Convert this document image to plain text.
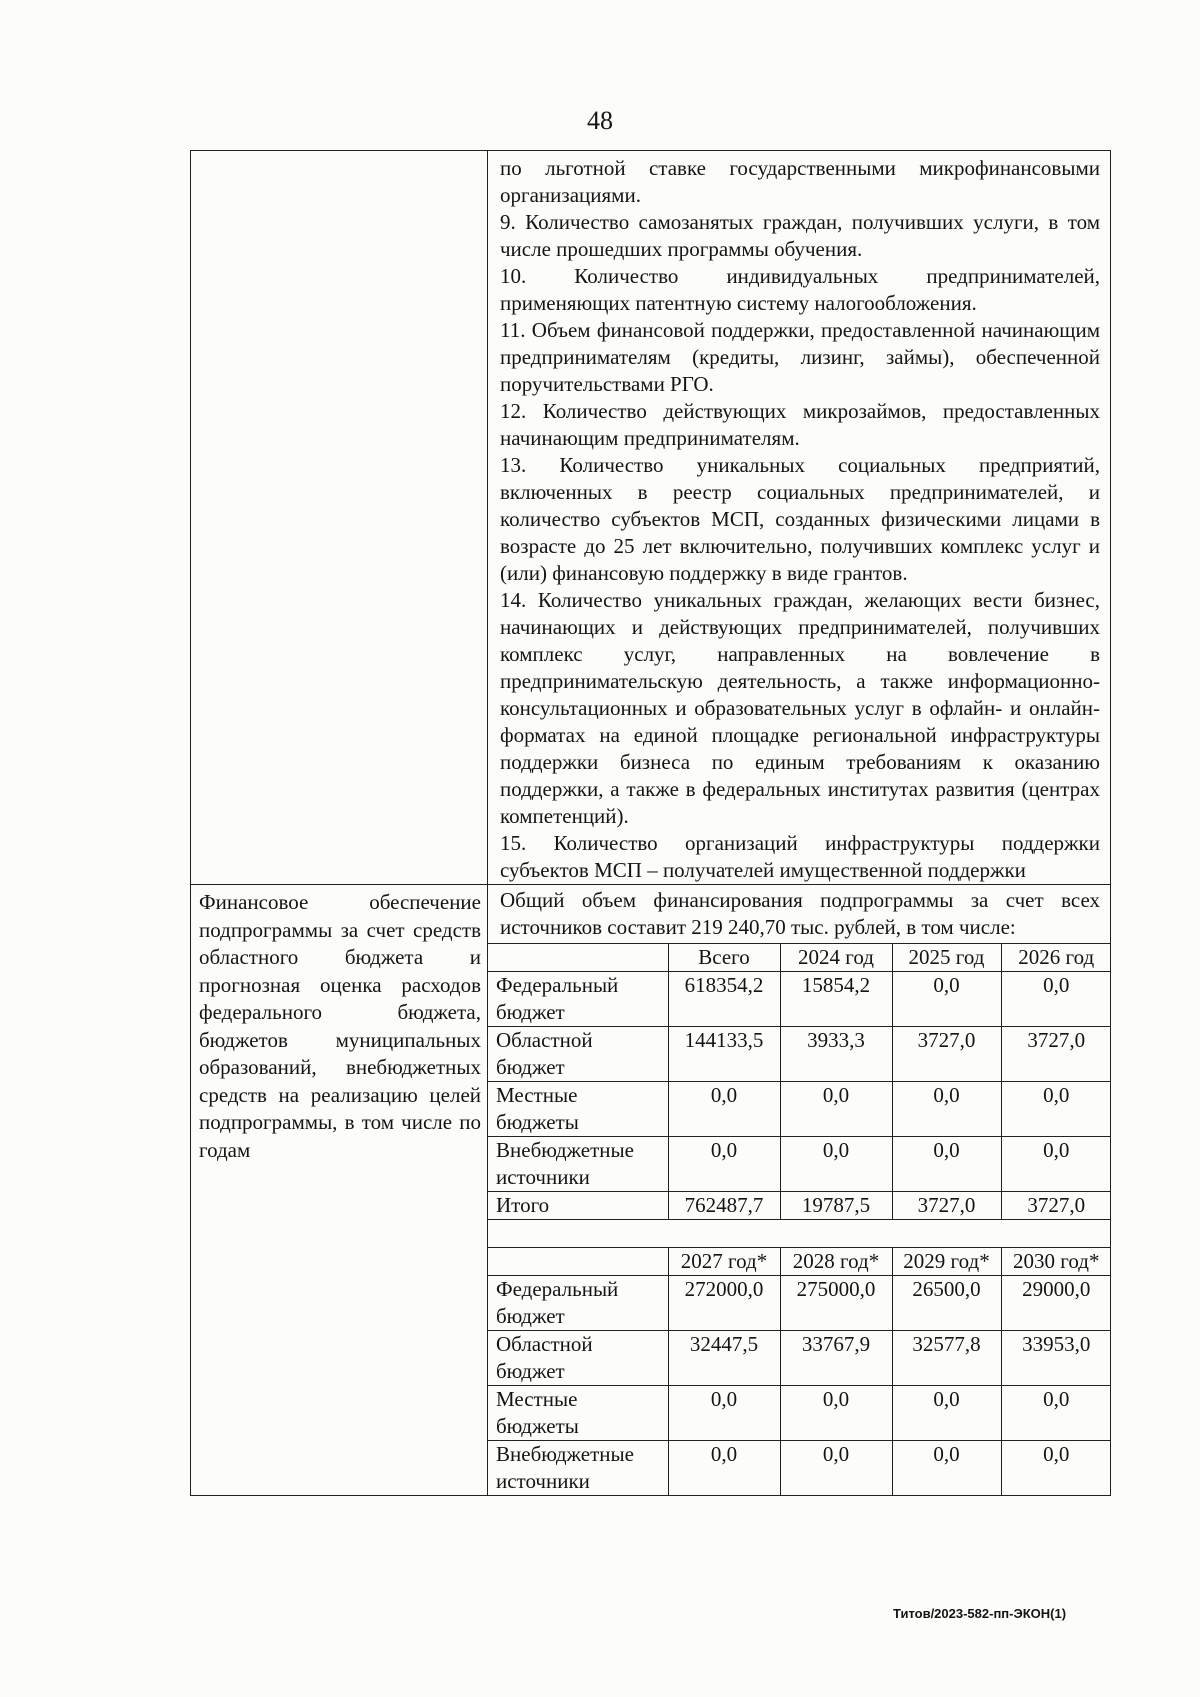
48

по льготной ставке государственными микрофинансовыми организациями.

9. Количество самозанятых граждан, получивших услуги, в том числе прошедших программы обучения.

10. Количество индивидуальных предпринимателей, применяющих патентную систему налогообложения.

11. Объем финансовой поддержки, предоставленной начинающим предпринимателям (кредиты, лизинг, займы), обеспеченной поручительствами РГО.

12. Количество действующих микрозаймов, предоставленных начинающим предпринимателям.

13. Количество уникальных социальных предприятий, включенных в реестр социальных предпринимателей, и количество субъектов МСП, созданных физическими лицами в возрасте до 25 лет включительно, получивших комплекс услуг и (или) финансовую поддержку в виде грантов.

14. Количество уникальных граждан, желающих вести бизнес, начинающих и действующих предпринимателей, получивших комплекс услуг, направленных на вовлечение в предпринимательскую деятельность, а также информационно-консультационных и образовательных услуг в офлайн- и онлайн-форматах на единой площадке региональной инфраструктуры поддержки бизнеса по единым требованиям к оказанию поддержки, а также в федеральных институтах развития (центрах компетенций).

15. Количество организаций инфраструктуры поддержки субъектов МСП – получателей имущественной поддержки

Финансовое обеспечение подпрограммы за счет средств областного бюджета и прогнозная оценка расходов федерального бюджета, бюджетов муниципальных образований, внебюджетных средств на реализацию целей подпрограммы, в том числе по годам	
Общий объем финансирования подпрограммы за счет всех источников составит 219 240,70 тыс. рублей, в том числе:
	Всего	2024 год	2025 год	2026 год
Федеральный бюджет	618354,2	15854,2	0,0	0,0
Областной бюджет	144133,5	3933,3	3727,0	3727,0
Местные бюджеты	0,0	0,0	0,0	0,0
Внебюджетные источники	0,0	0,0	0,0	0,0
Итого	762487,7	19787,5	3727,0	3727,0

	2027 год*	2028 год*	2029 год*	2030 год*
Федеральный бюджет	272000,0	275000,0	26500,0	29000,0
Областной бюджет	32447,5	33767,9	32577,8	33953,0
Местные бюджеты	0,0	0,0	0,0	0,0
Внебюджетные источники	0,0	0,0	0,0	0,0
Титов/2023-582-пп-ЭКОН(1)
